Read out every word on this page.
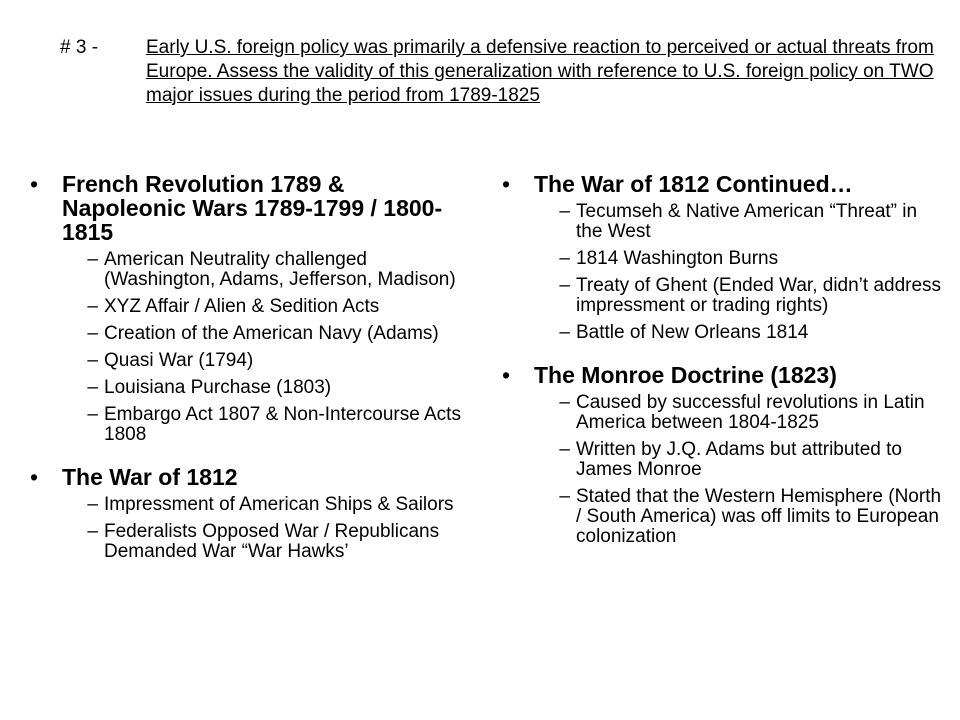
# 3 -	Early U.S. foreign policy was primarily a defensive reaction to perceived or actual threats from Europe. Assess the validity of this generalization with reference to U.S. foreign policy on TWO major issues during the period from 1789-1825
•	French Revolution 1789 & Napoleonic Wars 1789-1799 / 1800-1815
– American Neutrality challenged (Washington, Adams, Jefferson, Madison)
– XYZ Affair / Alien & Sedition Acts
– Creation of the American Navy (Adams)
– Quasi War (1794)
– Louisiana Purchase (1803)
– Embargo Act 1807 & Non-Intercourse Acts 1808
•	The War of 1812
– Impressment of American Ships & Sailors
– Federalists Opposed War / Republicans Demanded War “War Hawks’
•	The War of 1812 Continued…
– Tecumseh & Native American “Threat” in the West
– 1814 Washington Burns
– Treaty of Ghent (Ended War, didn’t address impressment or trading rights)
– Battle of New Orleans 1814
•	The Monroe Doctrine (1823)
– Caused by successful revolutions in Latin America between 1804-1825
– Written by J.Q. Adams but attributed to James Monroe
– Stated that the Western Hemisphere (North / South America) was off limits to European colonization
